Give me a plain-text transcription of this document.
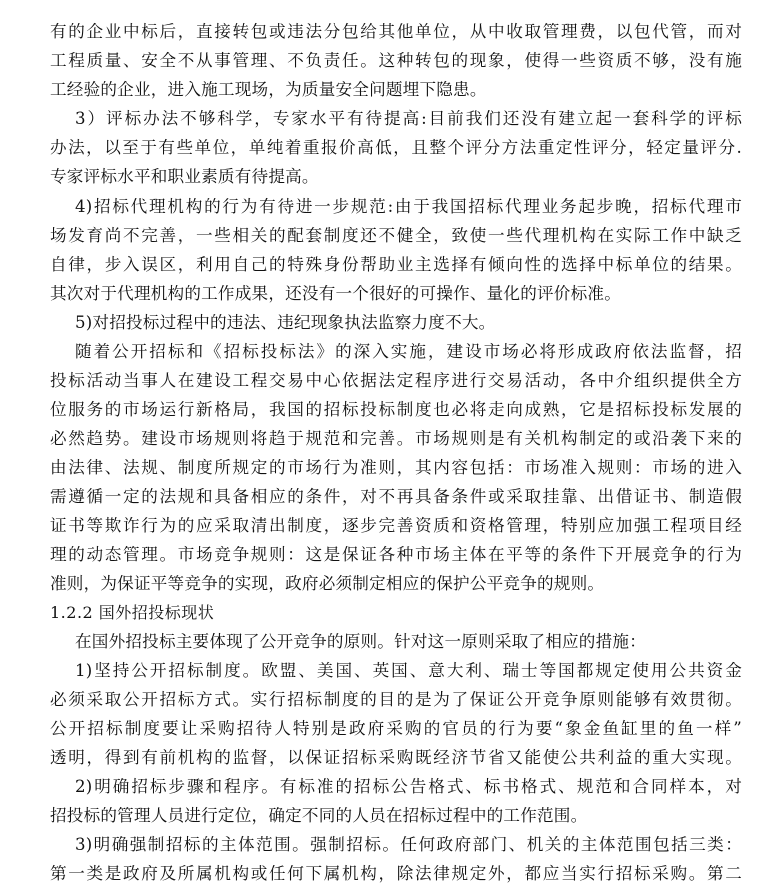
有的企业中标后，直接转包或违法分包给其他单位，从中收取管理费，以包代管，而对
工程质量、安全不从事管理、不负责任。这种转包的现象，使得一些资质不够，没有施
工经验的企业，进入施工现场，为质量安全问题埋下隐患。
3）评标办法不够科学，专家水平有待提高:目前我们还没有建立起一套科学的评标
办法，以至于有些单位，单纯着重报价高低，且整个评分方法重定性评分，轻定量评分.
专家评标水平和职业素质有待提高。
4)招标代理机构的行为有待进一步规范:由于我国招标代理业务起步晚，招标代理市
场发育尚不完善，一些相关的配套制度还不健全，致使一些代理机构在实际工作中缺乏
自律，步入误区，利用自己的特殊身份帮助业主选择有倾向性的选择中标单位的结果。
其次对于代理机构的工作成果，还没有一个很好的可操作、量化的评价标准。
5)对招投标过程中的违法、违纪现象执法监察力度不大。
随着公开招标和《招标投标法》的深入实施，建设市场必将形成政府依法监督，招
投标活动当事人在建设工程交易中心依据法定程序进行交易活动，各中介组织提供全方
位服务的市场运行新格局，我国的招标投标制度也必将走向成熟，它是招标投标发展的
必然趋势。建设市场规则将趋于规范和完善。市场规则是有关机构制定的或沿袭下来的
由法律、法规、制度所规定的市场行为准则，其内容包括：市场准入规则：市场的进入
需遵循一定的法规和具备相应的条件，对不再具备条件或采取挂靠、出借证书、制造假
证书等欺诈行为的应采取清出制度，逐步完善资质和资格管理，特别应加强工程项目经
理的动态管理。市场竞争规则：这是保证各种市场主体在平等的条件下开展竞争的行为
准则，为保证平等竞争的实现，政府必须制定相应的保护公平竞争的规则。
1.2.2 国外招投标现状
在国外招投标主要体现了公开竞争的原则。针对这一原则采取了相应的措施：
1)坚持公开招标制度。欧盟、美国、英国、意大利、瑞士等国都规定使用公共资金
必须采取公开招标方式。实行招标制度的目的是为了保证公开竞争原则能够有效贯彻。
公开招标制度要让采购招待人特别是政府采购的官员的行为要“象金鱼缸里的鱼一样”
透明，得到有前机构的监督，以保证招标采购既经济节省又能使公共利益的重大实现。
2)明确招标步骤和程序。有标准的招标公告格式、标书格式、规范和合同样本，对
招投标的管理人员进行定位，确定不同的人员在招标过程中的工作范围。
3)明确强制招标的主体范围。强制招标。任何政府部门、机关的主体范围包括三类：
第一类是政府及所属机构或任何下属机构，除法律规定外，都应当实行招标采购。第二
